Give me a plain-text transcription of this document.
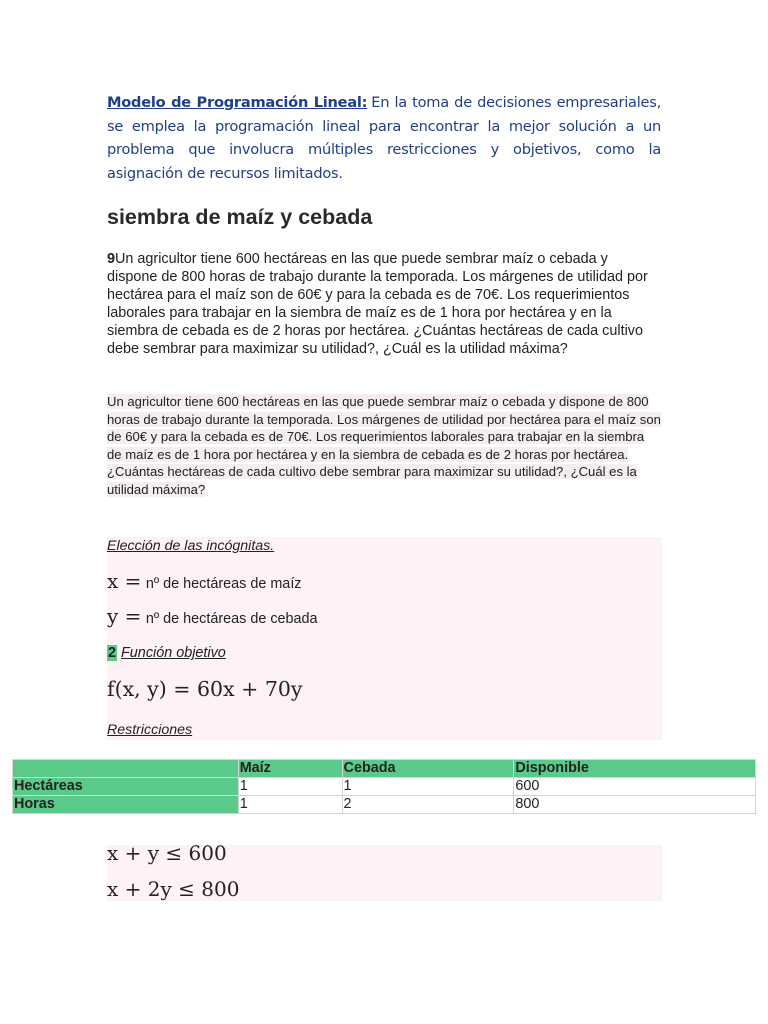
Modelo de Programación Lineal: En la toma de decisiones empresariales, se emplea la programación lineal para encontrar la mejor solución a un problema que involucra múltiples restricciones y objetivos, como la asignación de recursos limitados.
siembra de maíz y cebada
9Un agricultor tiene 600 hectáreas en las que puede sembrar maíz o cebada y dispone de 800 horas de trabajo durante la temporada. Los márgenes de utilidad por hectárea para el maíz son de 60€ y para la cebada es de 70€. Los requerimientos laborales para trabajar en la siembra de maíz es de 1 hora por hectárea y en la siembra de cebada es de 2 horas por hectárea. ¿Cuántas hectáreas de cada cultivo debe sembrar para maximizar su utilidad?, ¿Cuál es la utilidad máxima?
Un agricultor tiene 600 hectáreas en las que puede sembrar maíz o cebada y dispone de 800 horas de trabajo durante la temporada. Los márgenes de utilidad por hectárea para el maíz son de 60€ y para la cebada es de 70€. Los requerimientos laborales para trabajar en la siembra de maíz es de 1 hora por hectárea y en la siembra de cebada es de 2 horas por hectárea. ¿Cuántas hectáreas de cada cultivo debe sembrar para maximizar su utilidad?, ¿Cuál es la utilidad máxima?
Elección de las incógnitas.
x = nº de hectáreas de maíz
y = nº de hectáreas de cebada
2 Función objetivo
f(x, y) = 60x + 70y
Restricciones
	Maíz	Cebada	Disponible
Hectáreas	1	1	600
Horas	1	2	800
x + y ≤ 600
x + 2y ≤ 800
